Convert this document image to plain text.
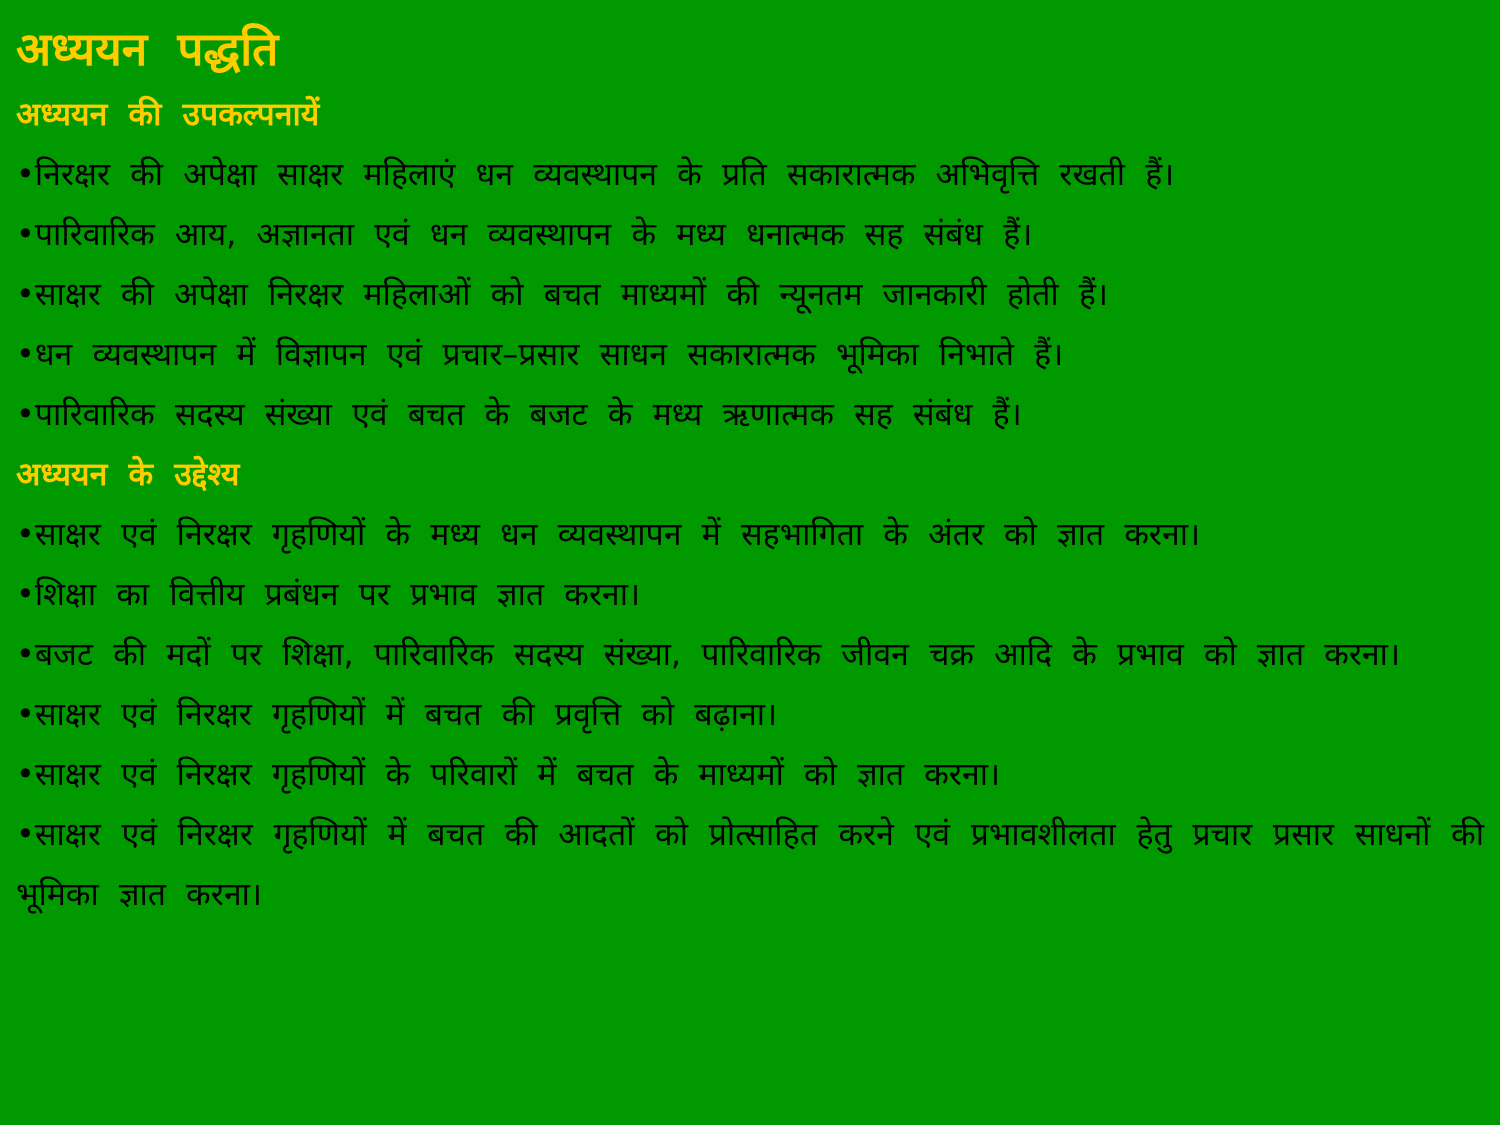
अध्ययन पद्धति
अध्ययन की उपकल्पनायें
•निरक्षर की अपेक्षा साक्षर महिलाएं धन व्यवस्थापन के प्रति सकारात्मक अभिवृत्ति रखती हैं।
•पारिवारिक आय, अज्ञानता एवं धन व्यवस्थापन के मध्य धनात्मक सह संबंध हैं।
•साक्षर की अपेक्षा निरक्षर महिलाओं को बचत माध्यमों की न्यूनतम जानकारी होती हैं।
•धन व्यवस्थापन में विज्ञापन एवं प्रचार–प्रसार साधन सकारात्मक भूमिका निभाते हैं।
•पारिवारिक सदस्य संख्या एवं बचत के बजट के मध्य ऋणात्मक सह संबंध हैं।
अध्ययन के उद्देश्य
•साक्षर एवं निरक्षर गृहणियों के मध्य धन व्यवस्थापन में सहभागिता के अंतर को ज्ञात करना।
•शिक्षा का वित्तीय प्रबंधन पर प्रभाव ज्ञात करना।
•बजट की मदों पर शिक्षा, पारिवारिक सदस्य संख्या, पारिवारिक जीवन चक्र आदि के प्रभाव को ज्ञात करना।
•साक्षर एवं निरक्षर गृहणियों में बचत की प्रवृत्ति को बढ़ाना।
•साक्षर एवं निरक्षर गृहणियों के परिवारों में बचत के माध्यमों को ज्ञात करना।
•साक्षर एवं निरक्षर गृहणियों में बचत की आदतों को प्रोत्साहित करने एवं प्रभावशीलता हेतु प्रचार प्रसार साधनों की भूमिका ज्ञात करना।
